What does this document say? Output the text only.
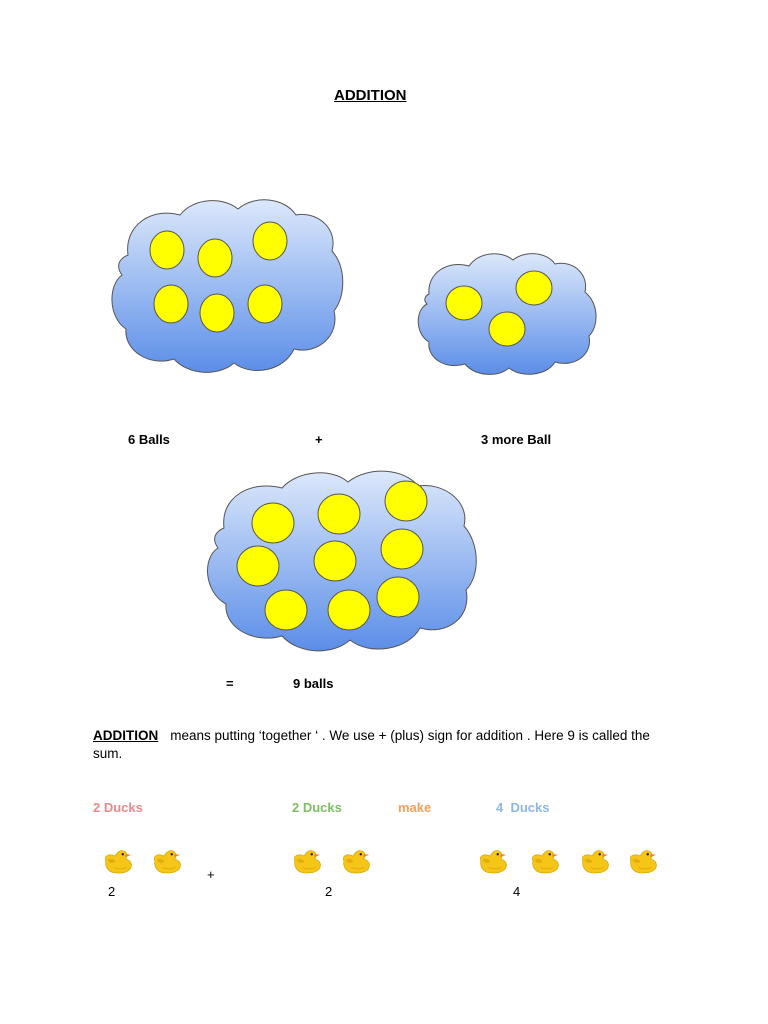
ADDITION
6 Balls	+	3 more Ball
=	9 balls
ADDITION means putting ‘together ‘ . We use + (plus) sign for addition . Here 9 is called the sum.
2 Ducks	2 Ducks	make	4  Ducks
+
2	2	4
